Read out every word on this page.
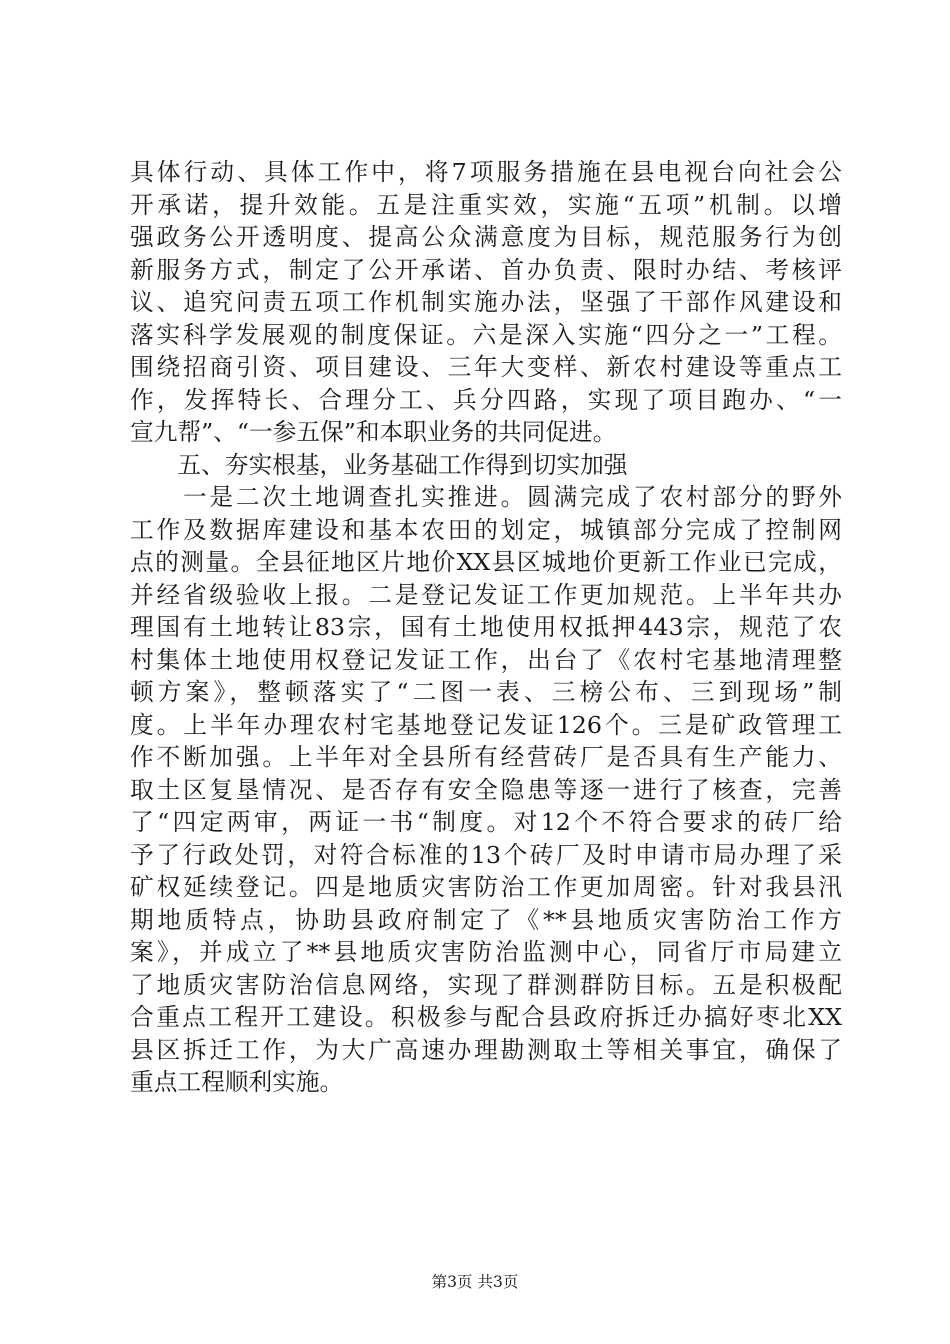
具体行动、具体工作中，将7项服务措施在县电视台向社会公
开承诺，提升效能。五是注重实效，实施“五项”机制。以增
强政务公开透明度、提高公众满意度为目标，规范服务行为创
新服务方式，制定了公开承诺、首办负责、限时办结、考核评
议、追究问责五项工作机制实施办法，坚强了干部作风建设和
落实科学发展观的制度保证。六是深入实施“四分之一”工程。
围绕招商引资、项目建设、三年大变样、新农村建设等重点工
作，发挥特长、合理分工、兵分四路，实现了项目跑办、“一
宣九帮”、“一参五保”和本职业务的共同促进。
　　五、夯实根基，业务基础工作得到切实加强
　　一是二次土地调查扎实推进。圆满完成了农村部分的野外
工作及数据库建设和基本农田的划定，城镇部分完成了控制网
点的测量。全县征地区片地价XX县区城地价更新工作业已完成，
并经省级验收上报。二是登记发证工作更加规范。上半年共办
理国有土地转让83宗，国有土地使用权抵押443宗，规范了农
村集体土地使用权登记发证工作，出台了《农村宅基地清理整
顿方案》，整顿落实了“二图一表、三榜公布、三到现场”制
度。上半年办理农村宅基地登记发证126个。三是矿政管理工
作不断加强。上半年对全县所有经营砖厂是否具有生产能力、
取土区复垦情况、是否存有安全隐患等逐一进行了核查，完善
了“四定两审，两证一书“制度。对12个不符合要求的砖厂给
予了行政处罚，对符合标准的13个砖厂及时申请市局办理了采
矿权延续登记。四是地质灾害防治工作更加周密。针对我县汛
期地质特点，协助县政府制定了《**县地质灾害防治工作方
案》，并成立了**县地质灾害防治监测中心，同省厅市局建立
了地质灾害防治信息网络，实现了群测群防目标。五是积极配
合重点工程开工建设。积极参与配合县政府拆迁办搞好枣北XX
县区拆迁工作，为大广高速办理勘测取土等相关事宜，确保了
重点工程顺利实施。
第3页 共3页
